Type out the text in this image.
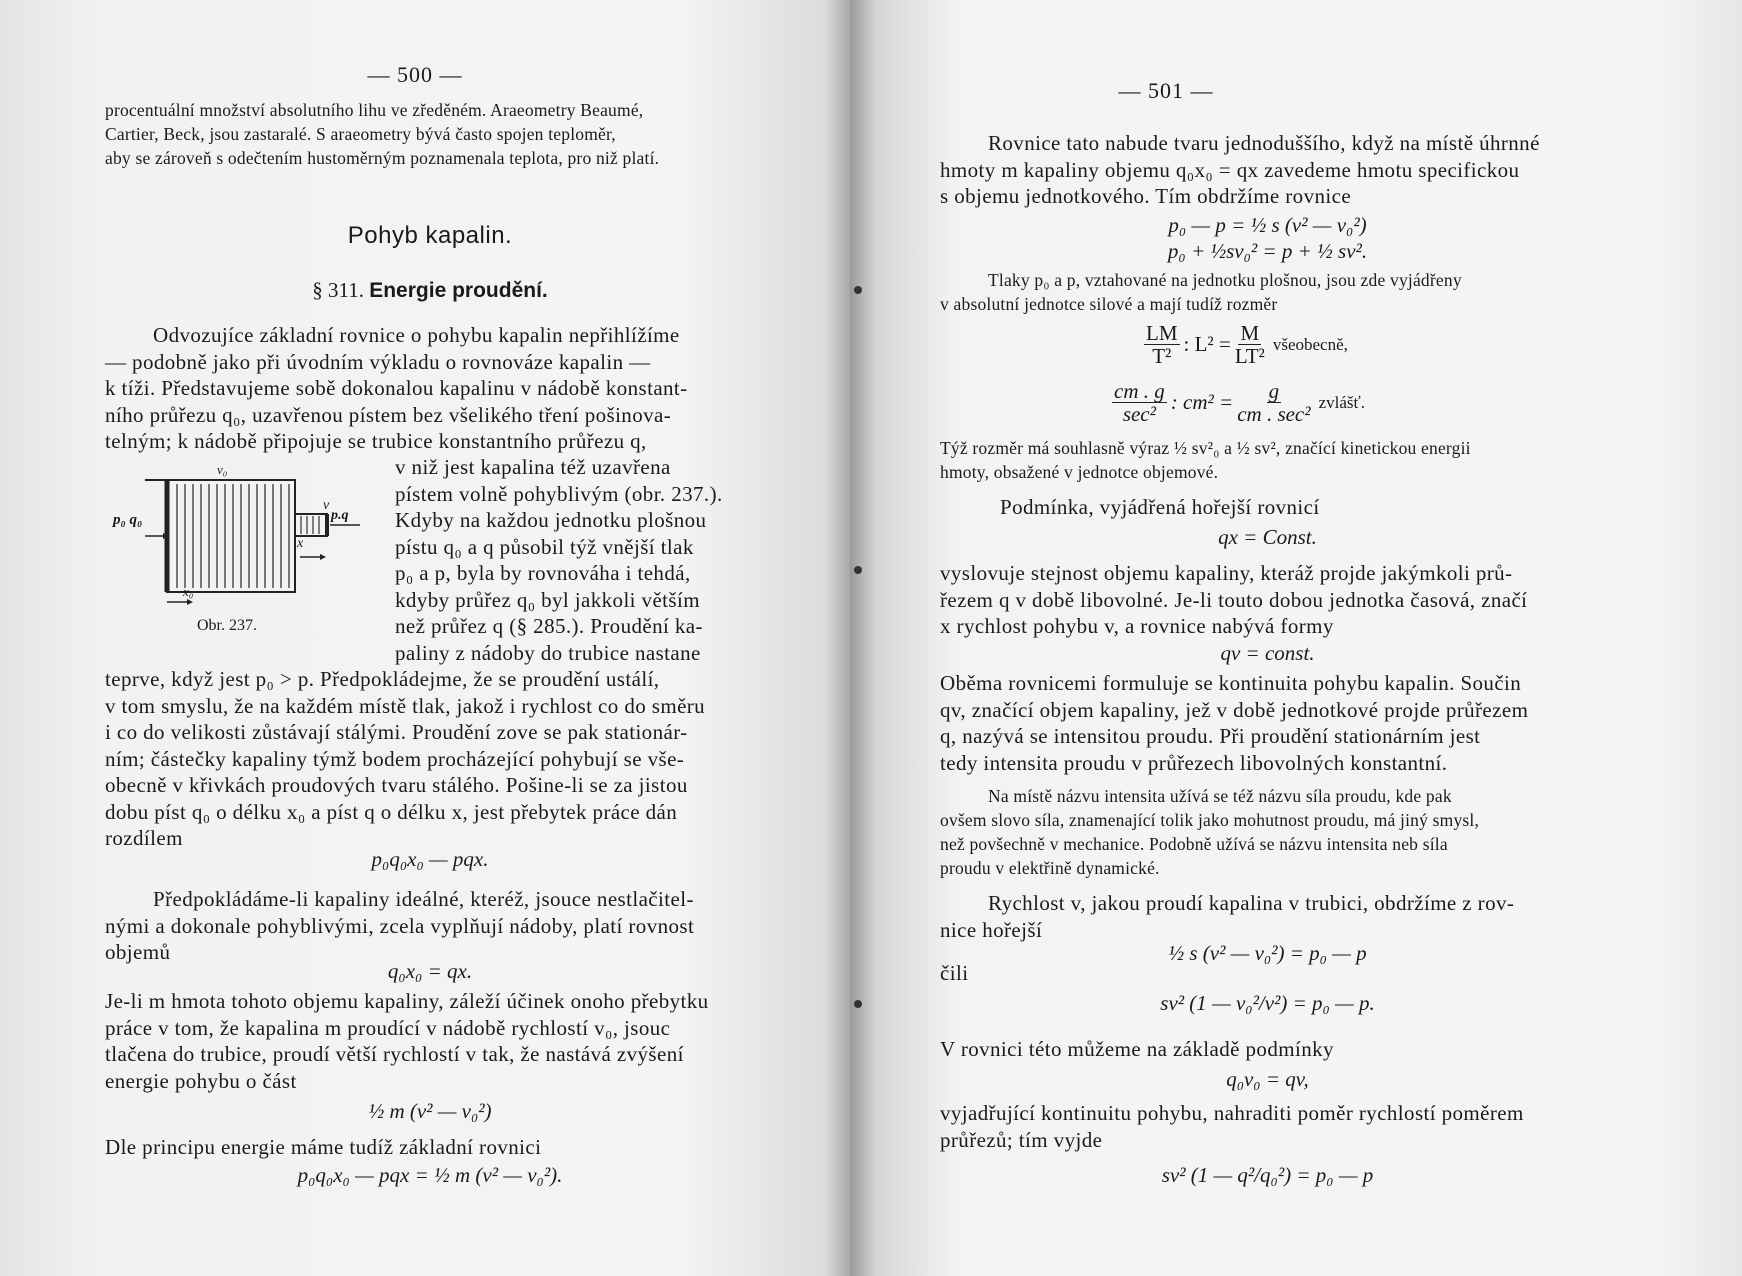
— 500 —

procentuální množství absolutního lihu ve zředěném. Araeometry Beaumé,

Cartier, Beck, jsou zastaralé. S araeometry bývá často spojen teploměr,

aby se zároveň s odečtením hustoměrným poznamenala teplota, pro niž platí.

Pohyb kapalin.
§ 311. Energie proudění.

Odvozujíce základní rovnice o pohybu kapalin nepřihlížíme

— podobně jako při úvodním výkladu o rovnováze kapalin —

k tíži. Představujeme sobě dokonalou kapalinu v nádobě konstant-

ního průřezu q₀, uzavřenou pístem bez všelikého tření pošinova-

telným; k nádobě připojuje se trubice konstantního průřezu q,

v niž jest kapalina též uzavřena

pístem volně pohyblivým (obr. 237.).

Kdyby na každou jednotku plošnou

pístu q₀ a q působil týž vnější tlak

p₀ a p, byla by rovnováha i tehdá,

kdyby průřez q₀ byl jakkoli větším

než průřez q (§ 285.). Proudění ka-

paliny z nádoby do trubice nastane

p₀ q₀
v₀
v
p.q
x
x₀
Obr. 237.

teprve, když jest p₀ > p. Předpokládejme, že se proudění ustálí,

v tom smyslu, že na každém místě tlak, jakož i rychlost co do směru

i co do velikosti zůstávají stálými. Proudění zove se pak stationár-

ním; částečky kapaliny týmž bodem procházející pohybují se vše-

obecně v křivkách proudových tvaru stálého. Pošine-li se za jistou

dobu píst q₀ o délku x₀ a píst q o délku x, jest přebytek práce dán

rozdílem

p₀q₀x₀ — pqx.

Předpokládáme-li kapaliny ideálné, kteréž, jsouce nestlačitel-

nými a dokonale pohyblivými, zcela vyplňují nádoby, platí rovnost

objemů

q₀x₀ = qx.

Je-li m hmota tohoto objemu kapaliny, záleží účinek onoho přebytku

práce v tom, že kapalina m proudící v nádobě rychlostí v₀, jsouc

tlačena do trubice, proudí větší rychlostí v tak, že nastává zvýšení

energie pohybu o část

½ m (v² — v₀²)

Dle principu energie máme tudíž základní rovnici

p₀q₀x₀ — pqx = ½ m (v² — v₀²).

— 501 —

Rovnice tato nabude tvaru jednoduššího, když na místě úhrnné

hmoty m kapaliny objemu q₀x₀ = qx zavedeme hmotu specifickou

s objemu jednotkového. Tím obdržíme rovnice

p₀ — p = ½ s (v² — v₀²)

p₀ + ½sv₀² = p + ½ sv².

Tlaky p₀ a p, vztahované na jednotku plošnou, jsou zde vyjádřeny

v absolutní jednotce silové a mají tudíž rozměr

$\frac{LM}{\text{T²}}$ : $L^2 = \frac{M}{\text{LT²}}$ všeobecně,
$\frac{cm . g}{\text{sec²}}$ : $cm^2 = \frac{g}{\text{cm . sec²}}$ zvlášť.

Týž rozměr má souhlasně výraz ½ sv²₀ a ½ sv², značící kinetickou energii

hmoty, obsažené v jednotce objemové.

Podmínka, vyjádřená hořejší rovnicí

qx = Const.

vyslovuje stejnost objemu kapaliny, kteráž projde jakýmkoli prů-

řezem q v době libovolné. Je-li touto dobou jednotka časová, značí

x rychlost pohybu v, a rovnice nabývá formy

qv = const.

Oběma rovnicemi formuluje se kontinuita pohybu kapalin. Součin

qv, značící objem kapaliny, jež v době jednotkové projde průřezem

q, nazývá se intensitou proudu. Při proudění stationárním jest

tedy intensita proudu v průřezech libovolných konstantní.

Na místě názvu intensita užívá se též názvu síla proudu, kde pak

ovšem slovo síla, znamenající tolik jako mohutnost proudu, má jiný smysl,

než povšechně v mechanice. Podobně užívá se názvu intensita neb síla

proudu v elektřině dynamické.

Rychlost v, jakou proudí kapalina v trubici, obdržíme z rov-

nice hořejší

½ s (v² — v₀²) = p₀ — p

čili

sv² (1 — v₀²/v²) = p₀ — p.

V rovnici této můžeme na základě podmínky

q₀v₀ = qv,

vyjadřující kontinuitu pohybu, nahraditi poměr rychlostí poměrem

průřezů; tím vyjde

sv² (1 — q²/q₀²) = p₀ — p
